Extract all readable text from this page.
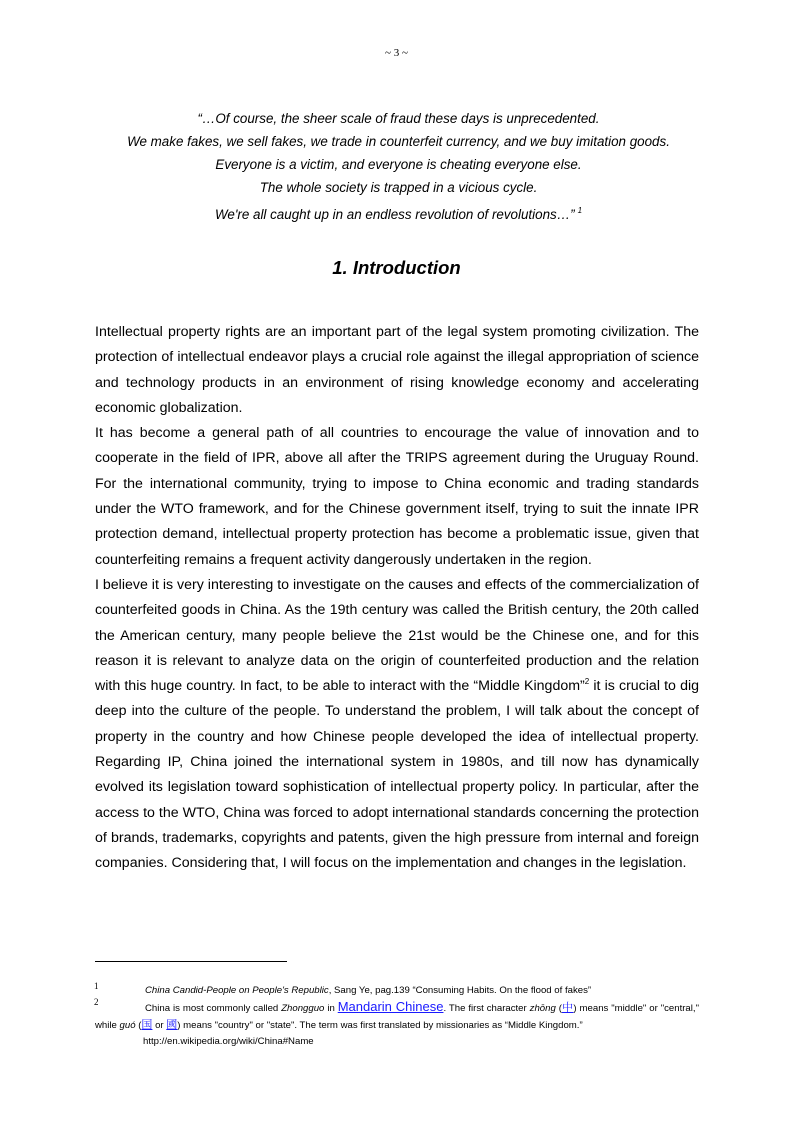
~ 3 ~
“…Of course, the sheer scale of fraud these days is unprecedented.
We make fakes, we sell fakes, we trade in counterfeit currency, and we buy imitation goods.
Everyone is a victim, and everyone is cheating everyone else.
The whole society is trapped in a vicious cycle.
We're all caught up in an endless revolution of revolutions…” $^1$
1. Introduction

Intellectual property rights are an important part of the legal system promoting civilization. The protection of intellectual endeavor plays a crucial role against the illegal appropriation of science and technology products in an environment of rising knowledge economy and accelerating economic globalization.

It has become a general path of all countries to encourage the value of innovation and to cooperate in the field of IPR, above all after the TRIPS agreement during the Uruguay Round. For the international community, trying to impose to China economic and trading standards under the WTO framework, and for the Chinese government itself, trying to suit the innate IPR protection demand, intellectual property protection has become a problematic issue, given that counterfeiting remains a frequent activity dangerously undertaken in the region.

I believe it is very interesting to investigate on the causes and effects of the commercialization of counterfeited goods in China. As the 19th century was called the British century, the 20th called the American century, many people believe the 21st would be the Chinese one, and for this reason it is relevant to analyze data on the origin of counterfeited production and the relation with this huge country. In fact, to be able to interact with the “Middle Kingdom”$^2$ it is crucial to dig deep into the culture of the people. To understand the problem, I will talk about the concept of property in the country and how Chinese people developed the idea of intellectual property. Regarding IP, China joined the international system in 1980s, and till now has dynamically evolved its legislation toward sophistication of intellectual property policy. In particular, after the access to the WTO, China was forced to adopt international standards concerning the protection of brands, trademarks, copyrights and patents, given the high pressure from internal and foreign companies. Considering that, I will focus on the implementation and changes in the legislation.

1	China Candid-People on People's Republic, Sang Ye, pag.139 “Consuming Habits. On the flood of fakes”
2
China is most commonly called Zhongguo in Mandarin Chinese. The first character zhōng (中) means "middle" or "central," while guó (国 or 國) means "country" or "state". The term was first translated by missionaries as “Middle Kingdom.”
http://en.wikipedia.org/wiki/China#Name
